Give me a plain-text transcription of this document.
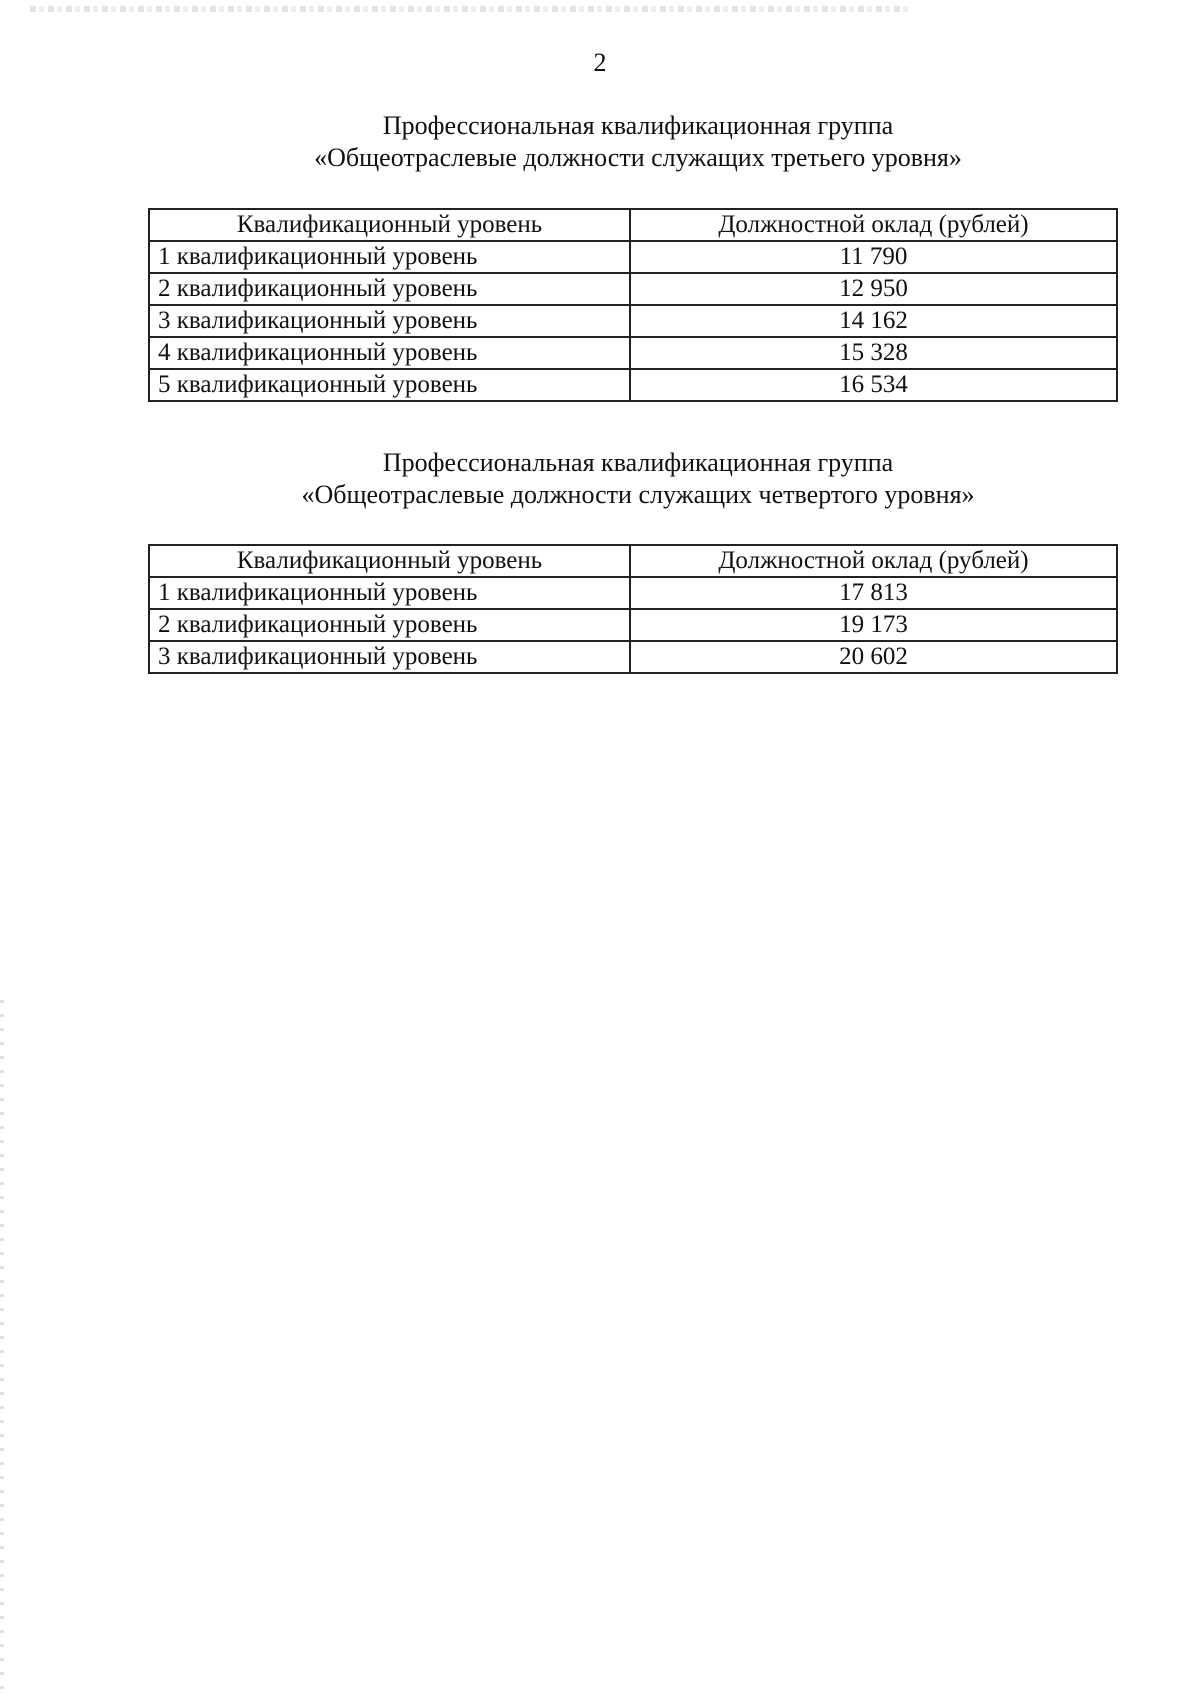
2
Профессиональная квалификационная группа
«Общеотраслевые должности служащих третьего уровня»
Квалификационный уровень	Должностной оклад (рублей)
1 квалификационный уровень	11 790
2 квалификационный уровень	12 950
3 квалификационный уровень	14 162
4 квалификационный уровень	15 328
5 квалификационный уровень	16 534
Профессиональная квалификационная группа
«Общеотраслевые должности служащих четвертого уровня»
Квалификационный уровень	Должностной оклад (рублей)
1 квалификационный уровень	17 813
2 квалификационный уровень	19 173
3 квалификационный уровень	20 602
